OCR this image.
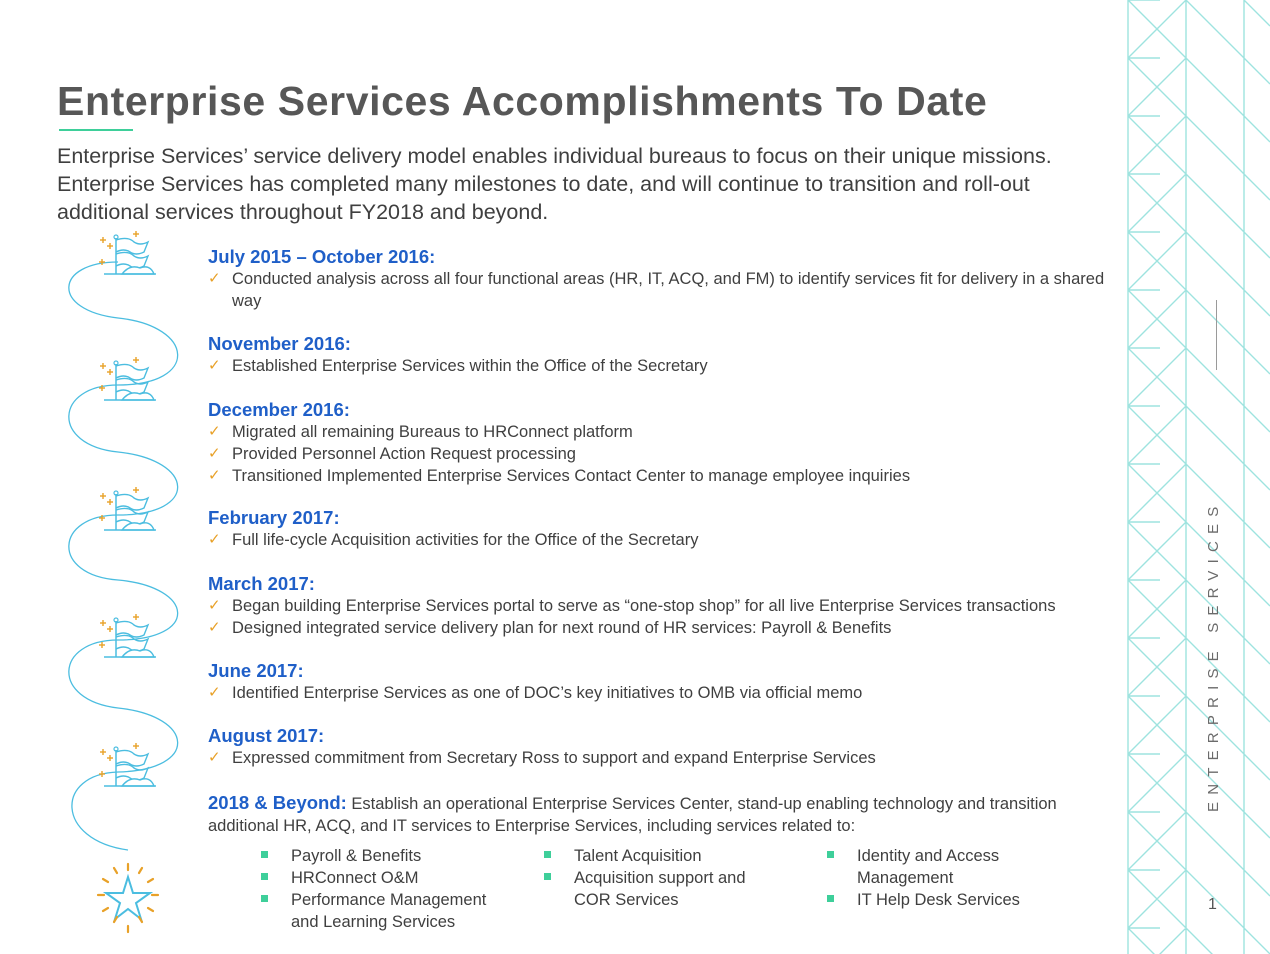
Enterprise Services Accomplishments To Date

Enterprise Services’ service delivery model enables individual bureaus to focus on their unique missions.

Enterprise Services has completed many milestones to date, and will continue to transition and roll-out

additional services throughout FY2018 and beyond.

July 2015 – October 2016:
✓ Conducted analysis across all four functional areas (HR, IT, ACQ, and FM) to identify services fit for delivery in a shared way
November 2016:
✓ Established Enterprise Services within the Office of the Secretary
December 2016:
✓ Migrated all remaining Bureaus to HRConnect platform
✓ Provided Personnel Action Request processing
✓ Transitioned Implemented Enterprise Services Contact Center to manage employee inquiries
February 2017:
✓ Full life-cycle Acquisition activities for the Office of the Secretary
March 2017:
✓ Began building Enterprise Services portal to serve as “one-stop shop” for all live Enterprise Services transactions
✓ Designed integrated service delivery plan for next round of HR services: Payroll & Benefits
June 2017:
✓ Identified Enterprise Services as one of DOC’s key initiatives to OMB via official memo
August 2017:
✓ Expressed commitment from Secretary Ross to support and expand Enterprise Services
2018 & Beyond: Establish an operational Enterprise Services Center, stand-up enabling technology and transition additional HR, ACQ, and IT services to Enterprise Services, including services related to:
Payroll & Benefits
HRConnect O&M
Performance Management and Learning Services
Talent Acquisition
Acquisition support and COR Services
Identity and Access Management
IT Help Desk Services
ENTERPRISE SERVICES
1
